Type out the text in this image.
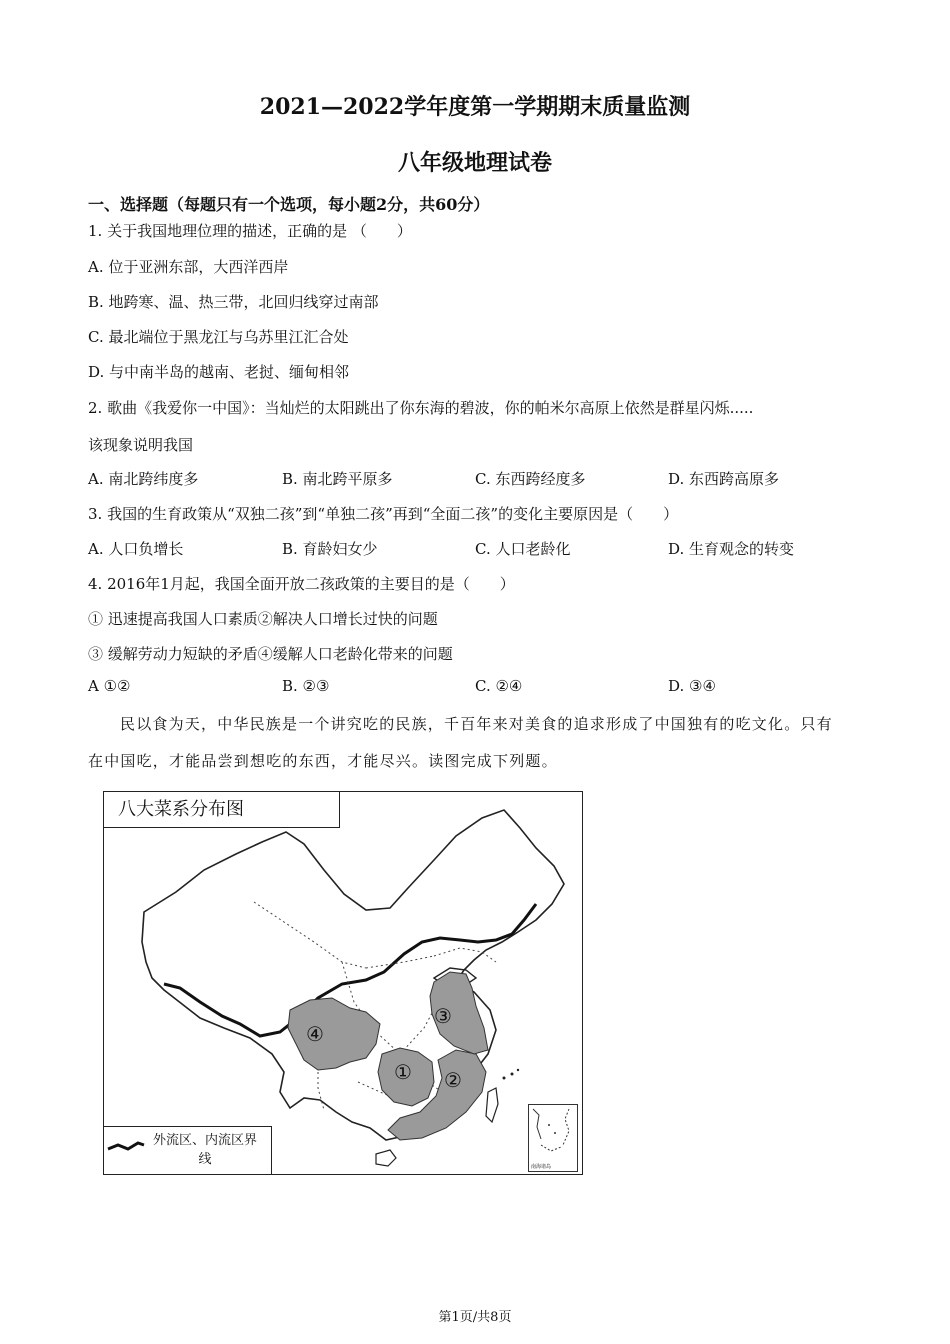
2021—2022学年度第一学期期末质量监测
八年级地理试卷
一、选择题（每题只有一个选项，每小题2分，共60分）
1. 关于我国地理位理的描述，正确的是 （　　）
A. 位于亚洲东部，大西洋西岸
B. 地跨寒、温、热三带，北回归线穿过南部
C. 最北端位于黑龙江与乌苏里江汇合处
D. 与中南半岛的越南、老挝、缅甸相邻
2. 歌曲《我爱你一中国》：当灿烂的太阳跳出了你东海的碧波，你的帕米尔高原上依然是群星闪烁.....
该现象说明我国
A. 南北跨纬度多	B. 南北跨平原多	C. 东西跨经度多	D. 东西跨高原多
3. 我国的生育政策从“双独二孩”到“单独二孩”再到“全面二孩”的变化主要原因是（　　）
A. 人口负增长	B. 育龄妇女少	C. 人口老龄化	D. 生育观念的转变
4. 2016年1月起，我国全面开放二孩政策的主要目的是（　　）
① 迅速提高我国人口素质②解决人口增长过快的问题
③ 缓解劳动力短缺的矛盾④缓解人口老龄化带来的问题
A ①②	B. ②③	C. ②④	D. ③④
民以食为天，中华民族是一个讲究吃的民族，千百年来对美食的追求形成了中国独有的吃文化。只有
在中国吃，才能品尝到想吃的东西，才能尽兴。读图完成下列题。
八大菜系分布图
④
① ②
③
外流区、内流区界线	南海诸岛
第1页/共8页
